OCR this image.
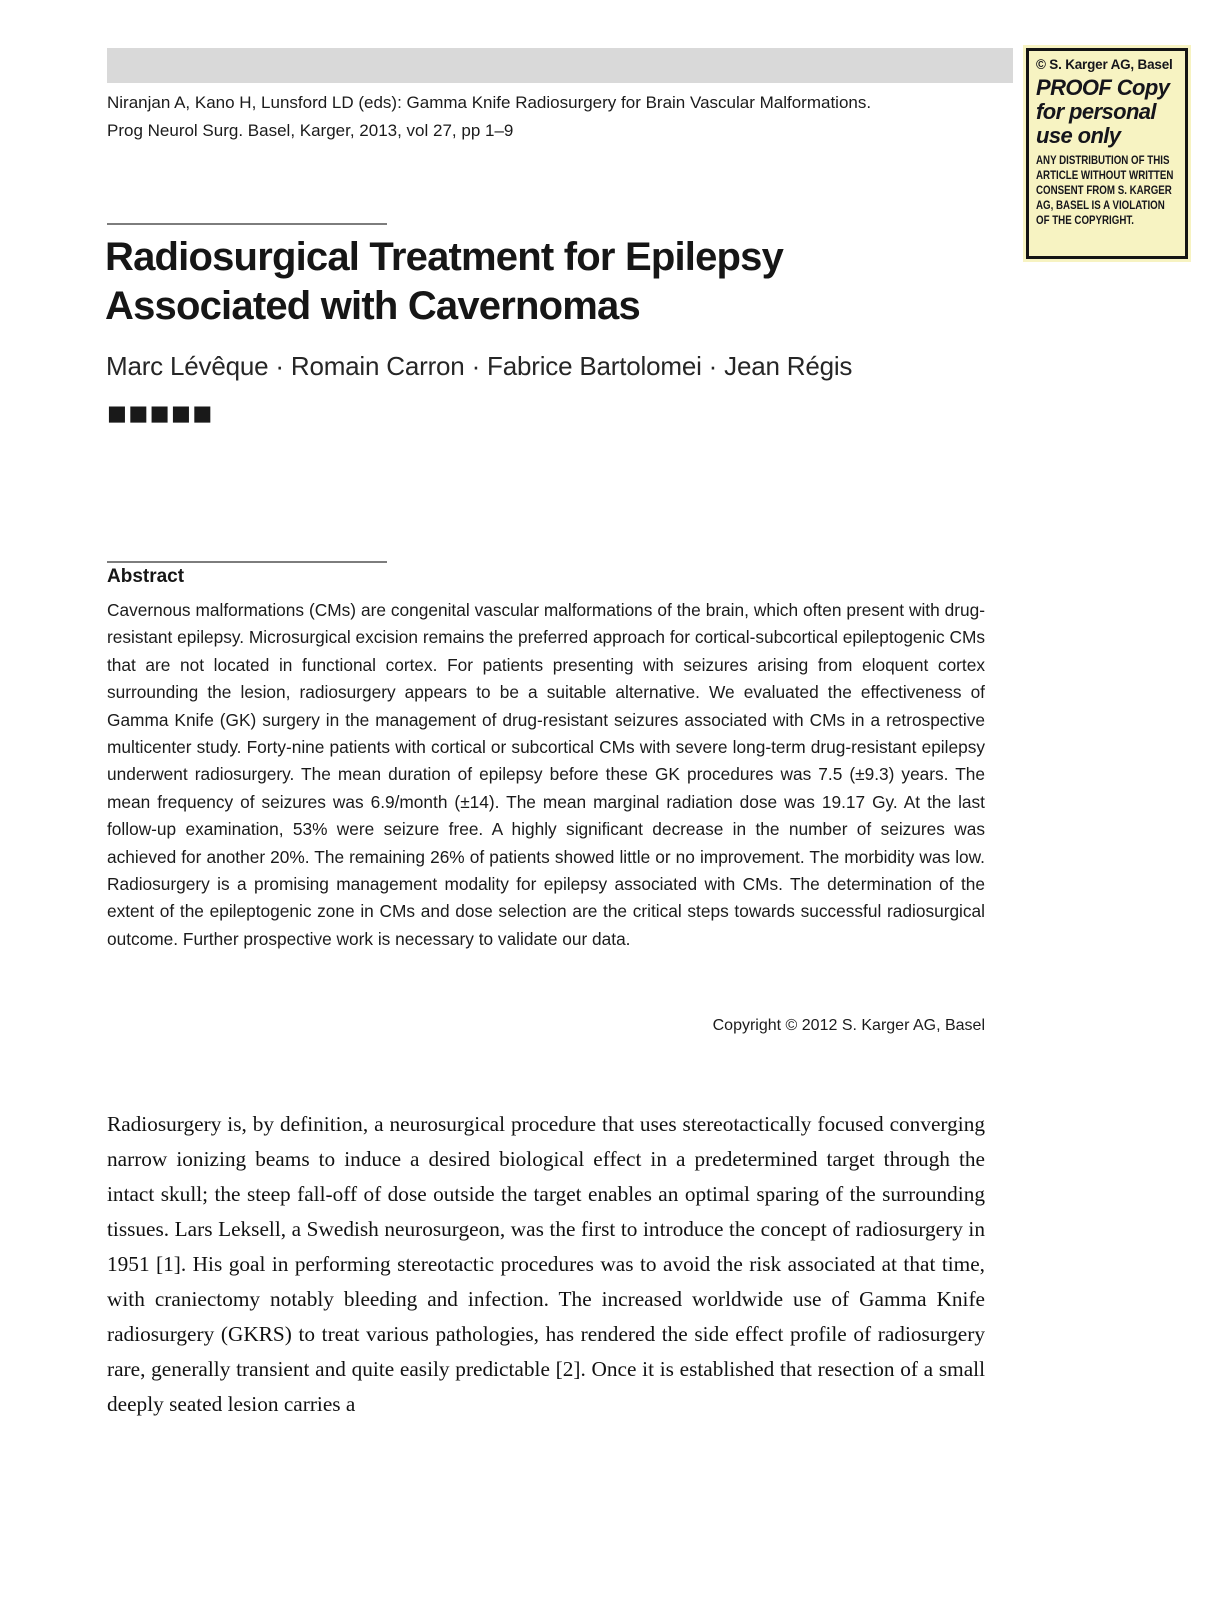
© S. Karger AG, Basel
PROOF Copy
for personal
use only
ANY DISTRIBUTION OF THIS
ARTICLE WITHOUT WRITTEN
CONSENT FROM S. KARGER
AG, BASEL IS A VIOLATION
OF THE COPYRIGHT.
Niranjan A, Kano H, Lunsford LD (eds): Gamma Knife Radiosurgery for Brain Vascular Malformations.
Prog Neurol Surg. Basel, Karger, 2013, vol 27, pp 1–9
Radiosurgical Treatment for Epilepsy
Associated with Cavernomas
Marc Lévêque · Romain Carron · Fabrice Bartolomei · Jean Régis
■■■■■
Abstract

Cavernous malformations (CMs) are congenital vascular malformations of the brain, which often present with drug-resistant epilepsy. Microsurgical excision remains the preferred approach for cortical-subcortical epileptogenic CMs that are not located in functional cortex. For patients presenting with seizures arising from eloquent cortex surrounding the lesion, radiosurgery appears to be a suitable alternative. We evaluated the effectiveness of Gamma Knife (GK) surgery in the management of drug-resistant seizures associated with CMs in a retrospective multicenter study. Forty-nine patients with cortical or subcortical CMs with severe long-term drug-resistant epilepsy underwent radiosurgery. The mean duration of epilepsy before these GK procedures was 7.5 (±9.3) years. The mean frequency of seizures was 6.9/month (±14). The mean marginal radiation dose was 19.17 Gy. At the last follow-up examination, 53% were seizure free. A highly significant decrease in the number of seizures was achieved for another 20%. The remaining 26% of patients showed little or no improvement. The morbidity was low. Radiosurgery is a promising management modality for epilepsy associated with CMs. The determination of the extent of the epileptogenic zone in CMs and dose selection are the critical steps towards successful radiosurgical outcome. Further prospective work is necessary to validate our data.

Copyright © 2012 S. Karger AG, Basel

Radiosurgery is, by definition, a neurosurgical procedure that uses stereotactically focused converging narrow ionizing beams to induce a desired biological effect in a predetermined target through the intact skull; the steep fall-off of dose outside the target enables an optimal sparing of the surrounding tissues. Lars Leksell, a Swedish neurosurgeon, was the first to introduce the concept of radiosurgery in 1951 [1]. His goal in performing stereotactic procedures was to avoid the risk associated at that time, with craniectomy notably bleeding and infection. The increased worldwide use of Gamma Knife radiosurgery (GKRS) to treat various pathologies, has rendered the side effect profile of radiosurgery rare, generally transient and quite easily predictable [2]. Once it is established that resection of a small deeply seated lesion carries a
